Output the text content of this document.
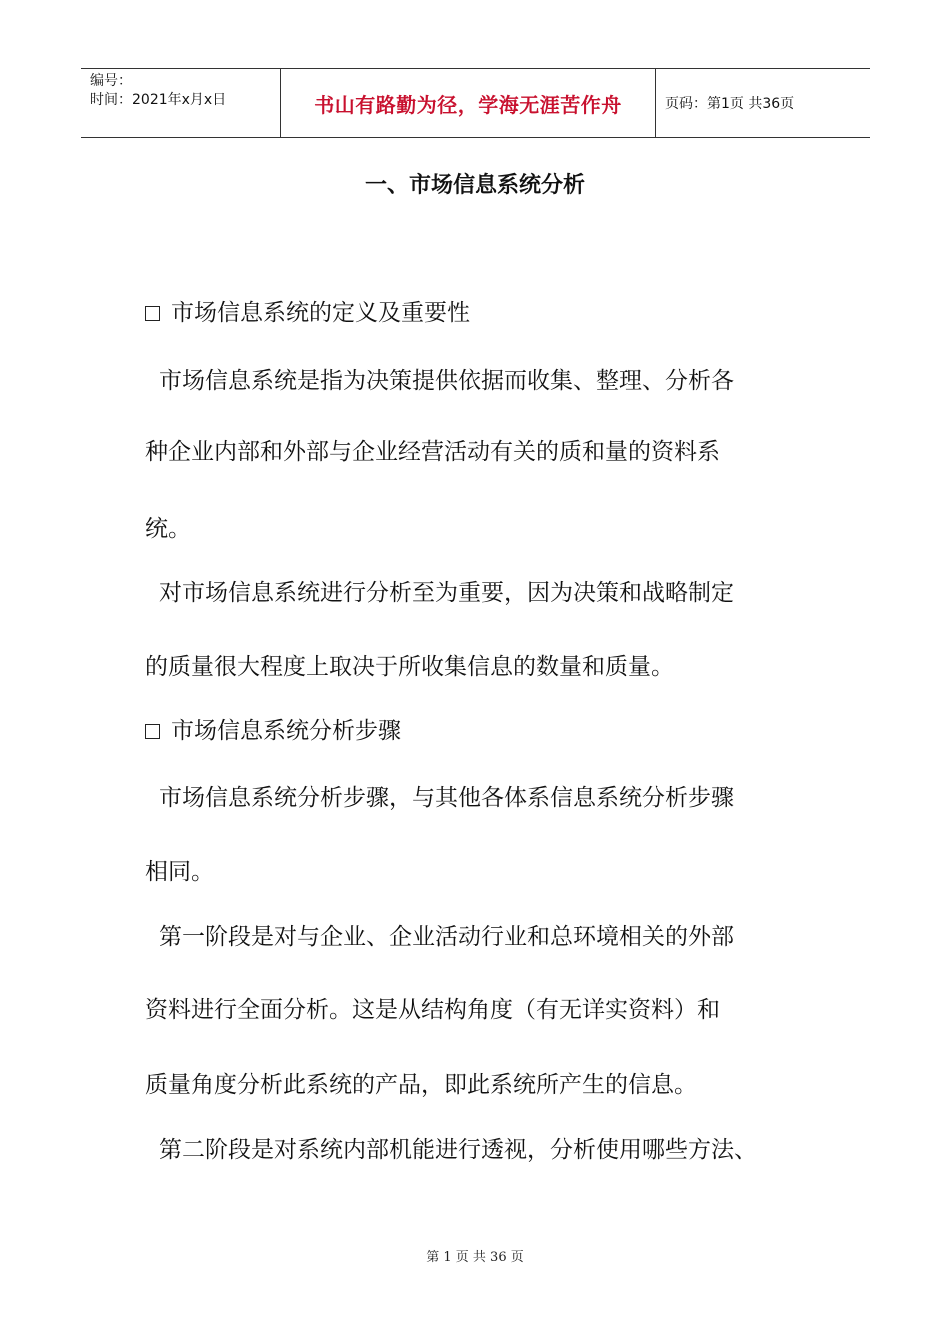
编号：
时间：2021年x月x日	书山有路勤为径，学海无涯苦作舟	页码：第1页 共36页
一、市场信息系统分析
市场信息系统的定义及重要性
市场信息系统是指为决策提供依据而收集、整理、分析各
种企业内部和外部与企业经营活动有关的质和量的资料系
统。
对市场信息系统进行分析至为重要，因为决策和战略制定
的质量很大程度上取决于所收集信息的数量和质量。
市场信息系统分析步骤
市场信息系统分析步骤，与其他各体系信息系统分析步骤
相同。
第一阶段是对与企业、企业活动行业和总环境相关的外部
资料进行全面分析。这是从结构角度（有无详实资料）和
质量角度分析此系统的产品，即此系统所产生的信息。
第二阶段是对系统内部机能进行透视，分析使用哪些方法、
第 1 页 共 36 页
